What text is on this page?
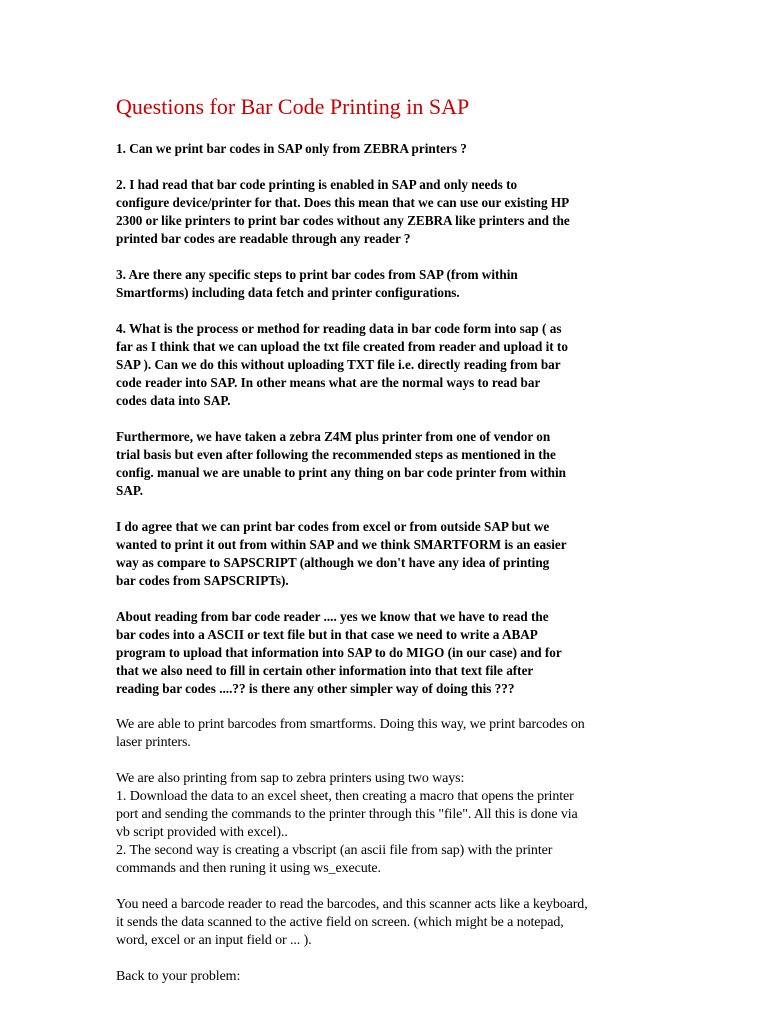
Questions for Bar Code Printing in SAP

1. Can we print bar codes in SAP only from ZEBRA printers ?

2. I had read that bar code printing is enabled in SAP and only needs to
configure device/printer for that. Does this mean that we can use our existing HP
2300 or like printers to print bar codes without any ZEBRA like printers and the
printed bar codes are readable through any reader ?

3. Are there any specific steps to print bar codes from SAP (from within
Smartforms) including data fetch and printer configurations.

4. What is the process or method for reading data in bar code form into sap ( as
far as I think that we can upload the txt file created from reader and upload it to
SAP ). Can we do this without uploading TXT file i.e. directly reading from bar
code reader into SAP. In other means what are the normal ways to read bar
codes data into SAP.

Furthermore, we have taken a zebra Z4M plus printer from one of vendor on
trial basis but even after following the recommended steps as mentioned in the
config. manual we are unable to print any thing on bar code printer from within
SAP.

I do agree that we can print bar codes from excel or from outside SAP but we
wanted to print it out from within SAP and we think SMARTFORM is an easier
way as compare to SAPSCRIPT (although we don't have any idea of printing
bar codes from SAPSCRIPTs).

About reading from bar code reader .... yes we know that we have to read the
bar codes into a ASCII or text file but in that case we need to write a ABAP
program to upload that information into SAP to do MIGO (in our case) and for
that we also need to fill in certain other information into that text file after
reading bar codes ....?? is there any other simpler way of doing this ???

We are able to print barcodes from smartforms. Doing this way, we print barcodes on
laser printers.

We are also printing from sap to zebra printers using two ways:
1. Download the data to an excel sheet, then creating a macro that opens the printer
port and sending the commands to the printer through this "file". All this is done via
vb script provided with excel)..
2. The second way is creating a vbscript (an ascii file from sap) with the printer
commands and then runing it using ws_execute.

You need a barcode reader to read the barcodes, and this scanner acts like a keyboard,
it sends the data scanned to the active field on screen. (which might be a notepad,
word, excel or an input field or ... ).

Back to your problem:
